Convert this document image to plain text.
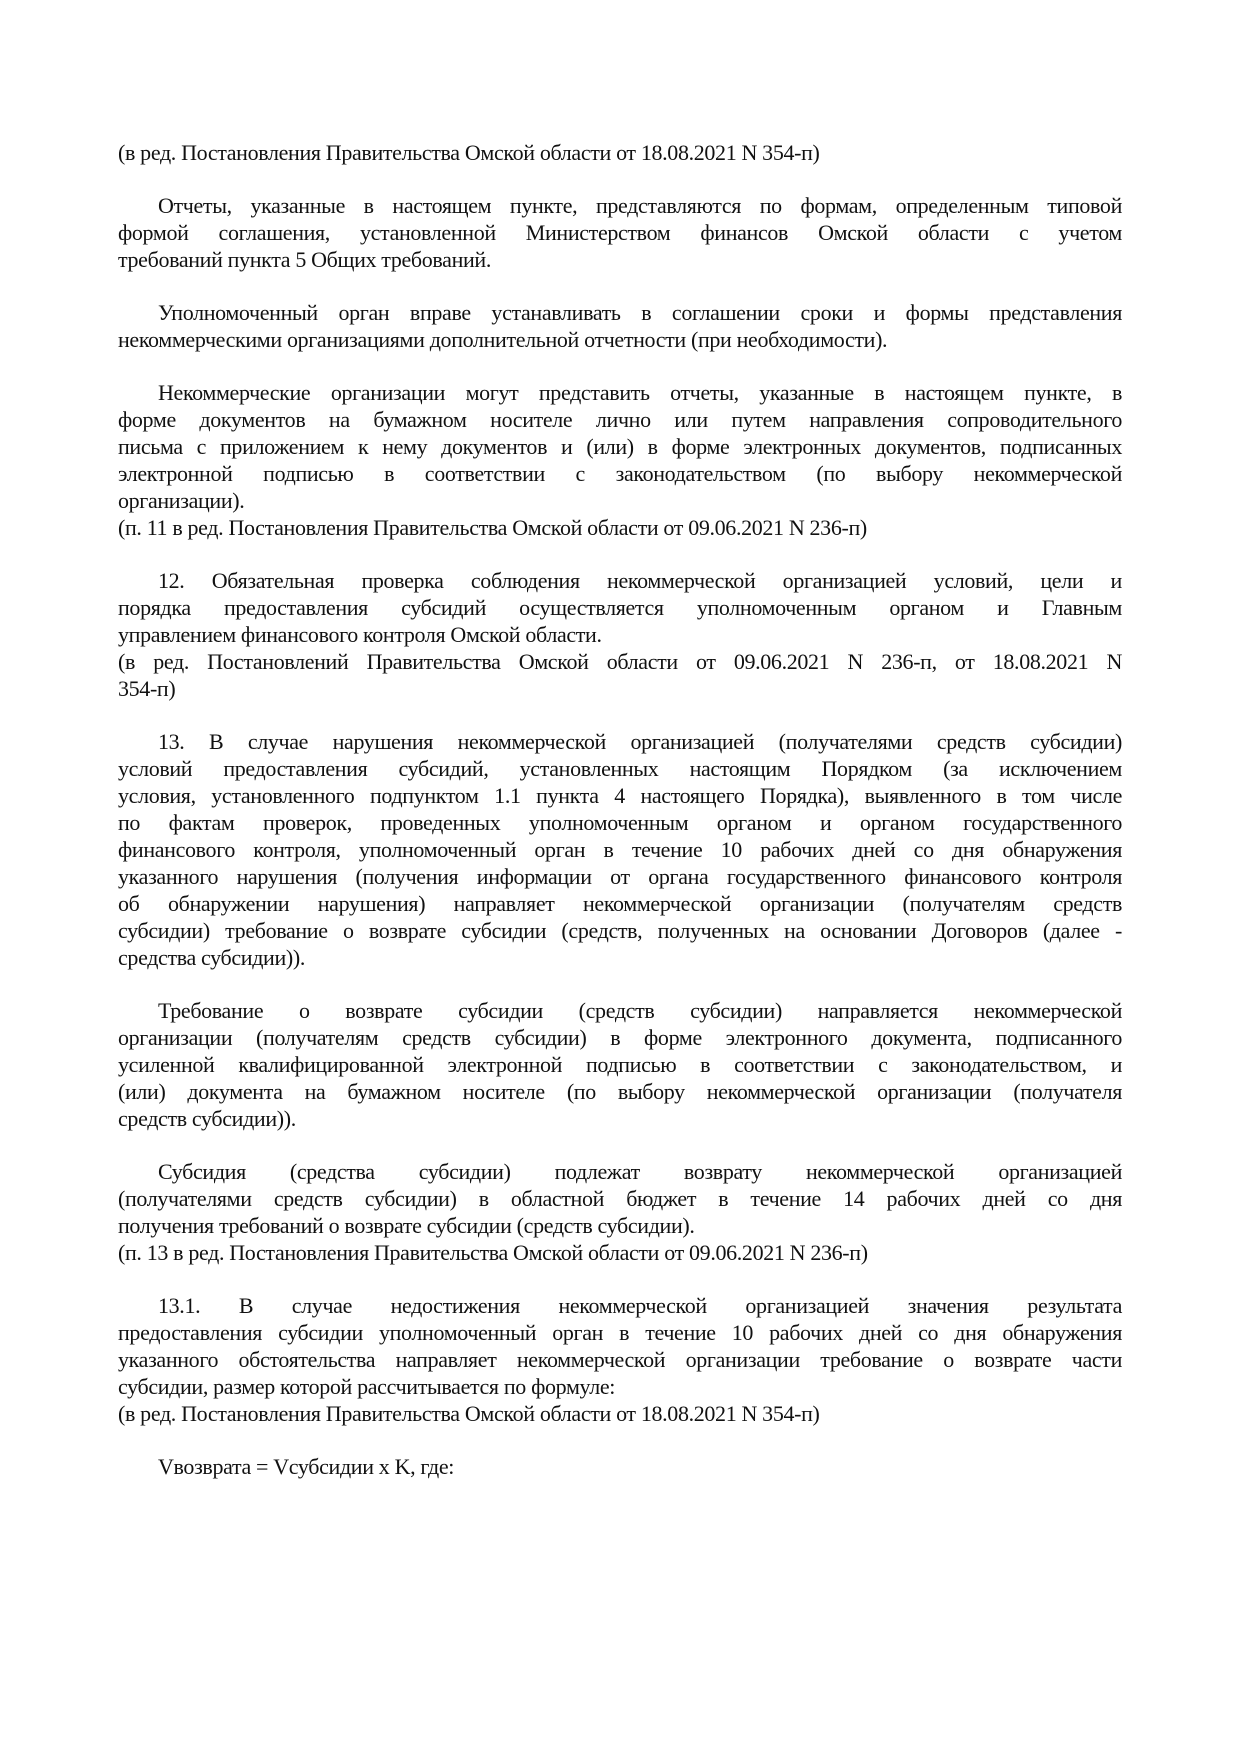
(в ред. Постановления Правительства Омской области от 18.08.2021 N 354-п)
Отчеты, указанные в настоящем пункте, представляются по формам, определенным типовой
формой соглашения, установленной Министерством финансов Омской области с учетом
требований пункта 5 Общих требований.
Уполномоченный орган вправе устанавливать в соглашении сроки и формы представления
некоммерческими организациями дополнительной отчетности (при необходимости).
Некоммерческие организации могут представить отчеты, указанные в настоящем пункте, в
форме документов на бумажном носителе лично или путем направления сопроводительного
письма с приложением к нему документов и (или) в форме электронных документов, подписанных
электронной подписью в соответствии с законодательством (по выбору некоммерческой
организации).
(п. 11 в ред. Постановления Правительства Омской области от 09.06.2021 N 236-п)
12. Обязательная проверка соблюдения некоммерческой организацией условий, цели и
порядка предоставления субсидий осуществляется уполномоченным органом и Главным
управлением финансового контроля Омской области.
(в ред. Постановлений Правительства Омской области от 09.06.2021 N 236-п, от 18.08.2021 N
354-п)
13. В случае нарушения некоммерческой организацией (получателями средств субсидии)
условий предоставления субсидий, установленных настоящим Порядком (за исключением
условия, установленного подпунктом 1.1 пункта 4 настоящего Порядка), выявленного в том числе
по фактам проверок, проведенных уполномоченным органом и органом государственного
финансового контроля, уполномоченный орган в течение 10 рабочих дней со дня обнаружения
указанного нарушения (получения информации от органа государственного финансового контроля
об обнаружении нарушения) направляет некоммерческой организации (получателям средств
субсидии) требование о возврате субсидии (средств, полученных на основании Договоров (далее -
средства субсидии)).
Требование о возврате субсидии (средств субсидии) направляется некоммерческой
организации (получателям средств субсидии) в форме электронного документа, подписанного
усиленной квалифицированной электронной подписью в соответствии с законодательством, и
(или) документа на бумажном носителе (по выбору некоммерческой организации (получателя
средств субсидии)).
Субсидия (средства субсидии) подлежат возврату некоммерческой организацией
(получателями средств субсидии) в областной бюджет в течение 14 рабочих дней со дня
получения требований о возврате субсидии (средств субсидии).
(п. 13 в ред. Постановления Правительства Омской области от 09.06.2021 N 236-п)
13.1. В случае недостижения некоммерческой организацией значения результата
предоставления субсидии уполномоченный орган в течение 10 рабочих дней со дня обнаружения
указанного обстоятельства направляет некоммерческой организации требование о возврате части
субсидии, размер которой рассчитывается по формуле:
(в ред. Постановления Правительства Омской области от 18.08.2021 N 354-п)
Vвозврата = Vсубсидии x K, где:
